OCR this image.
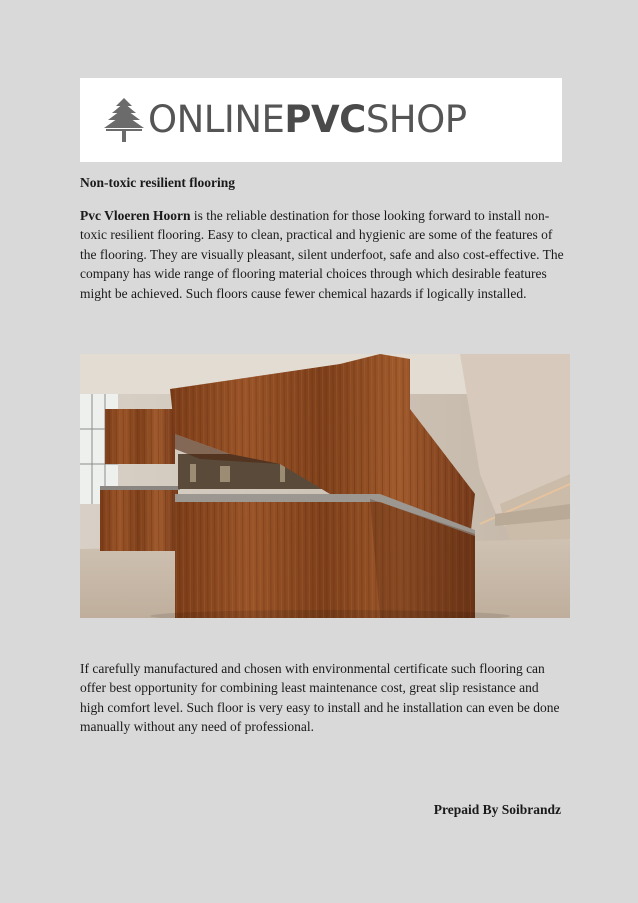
ONLINEPVCSHOP

Non-toxic resilient flooring

Pvc Vloeren Hoorn is the reliable destination for those looking forward to install non-toxic resilient flooring. Easy to clean, practical and hygienic are some of the features of the flooring. They are visually pleasant, silent underfoot, safe and also cost-effective. The company has wide range of flooring material choices through which desirable features might be achieved. Such floors cause fewer chemical hazards if logically installed.

If carefully manufactured and chosen with environmental certificate such flooring can offer best opportunity for combining least maintenance cost, great slip resistance and high comfort level. Such floor is very easy to install and he installation can even be done manually without any need of professional.

Prepaid By Soibrandz
